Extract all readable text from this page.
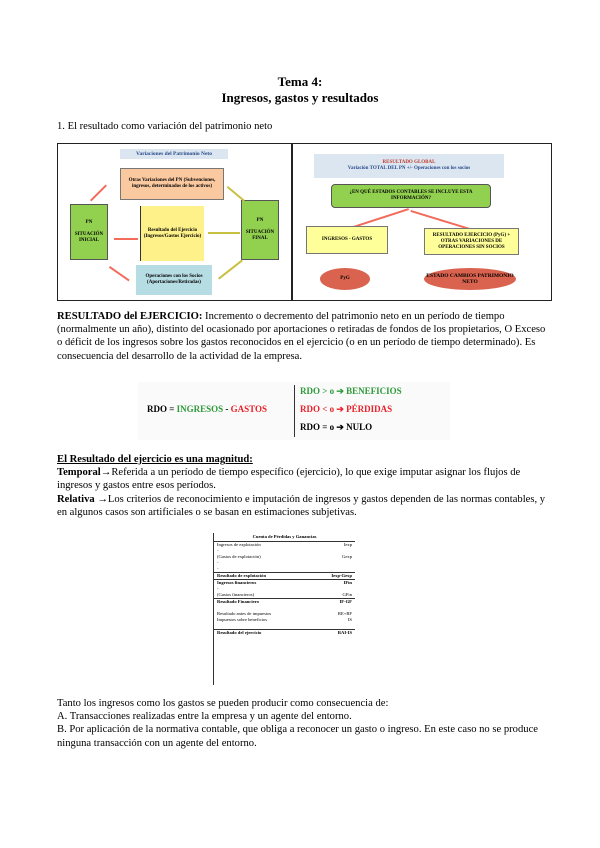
Tema 4:
Ingresos, gastos y resultados
1. El resultado como variación del patrimonio neto
Variaciones del Patrimonio Neto
Otras Variaciones del PN (Subvenciones, ingresos, determinados de los activos)
PN

SITUACIÓN INICIAL
Resultado del Ejercicio (Ingresos/Gastos Ejercicio)
Operaciones con los Socios (Aportaciones/Retiradas)
PN

SITUACIÓN FINAL
RESULTADO GLOBAL
Variación TOTAL DEL PN +/- Operaciones con los socios
¿EN QUÉ ESTADOS CONTABLES SE INCLUYE ESTA INFORMACIÓN?
INGRESOS - GASTOS
RESULTADO EJERCICIO (PyG) + OTRAS VARIACIONES DE OPERACIONES SIN SOCIOS
PyG	ESTADO CAMBIOS PATRIMONIO NETO
RESULTADO del EJERCICIO: Incremento o decremento del patrimonio neto en un período de tiempo (normalmente un año), distinto del ocasionado por aportaciones o retiradas de fondos de los propietarios, O Exceso o déficit de los ingresos sobre los gastos reconocidos en el ejercicio (o en un período de tiempo determinado). Es consecuencia del desarrollo de la actividad de la empresa.
RDO = INGRESOS - GASTOS
RDO > o ➔ BENEFICIOS
RDO < o ➔ PÉRDIDAS
RDO = o ➔ NULO
El Resultado del ejercicio es una magnitud:
Temporal→Referida a un período de tiempo específico (ejercicio), lo que exige imputar asignar los flujos de ingresos y gastos entre esos períodos.
Relativa →Los criterios de reconocimiento e imputación de ingresos y gastos dependen de las normas contables, y en algunos casos son artificiales o se basan en estimaciones subjetivas.
Cuenta de Pérdidas y Ganancias
Ingresos de explotación	Iexp
-
(Gastos de explotación)	Gexp
-
-
Resultado de explotación	Iexp-Gexp
Ingresos financieros	IFin
-
(Gastos financieros)	GFin
Resultado Financiero	IF-GF
Resultado antes de impuestos	RE+RF
Impuestos sobre beneficios	IS
Resultado del ejercicio	RAI-IS
Tanto los ingresos como los gastos se pueden producir como consecuencia de:
A. Transacciones realizadas entre la empresa y un agente del entorno.
B. Por aplicación de la normativa contable, que obliga a reconocer un gasto o ingreso. En este caso no se produce ninguna transacción con un agente del entorno.
